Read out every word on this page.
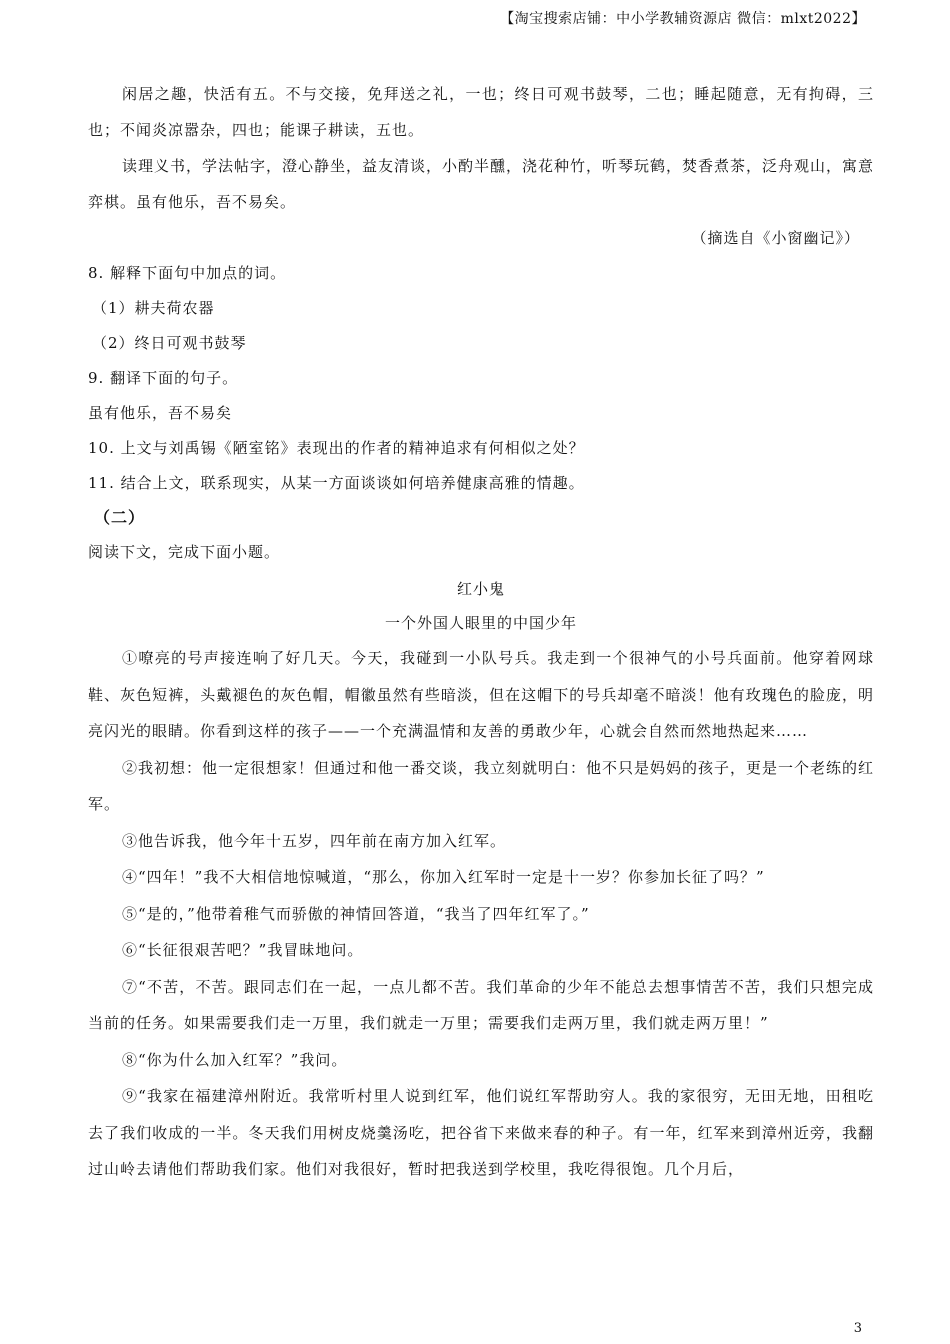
【淘宝搜索店铺：中小学教辅资源店 微信：mlxt2022】

闲居之趣，快活有五。不与交接，免拜送之礼，一也；终日可观书鼓琴，二也；睡起随意，无有拘碍，三也；不闻炎凉嚣杂，四也；能课子耕读，五也。

读理义书，学法帖字，澄心静坐，益友清谈，小酌半醺，浇花种竹，听琴玩鹤，焚香煮茶，泛舟观山，寓意弈棋。虽有他乐，吾不易矣。

（摘选自《小窗幽记》）

8. 解释下面句中加点的词。

（1）耕夫荷农器

（2）终日可观书鼓琴

9. 翻译下面的句子。

虽有他乐，吾不易矣

10. 上文与刘禹锡《陋室铭》表现出的作者的精神追求有何相似之处？

11. 结合上文，联系现实，从某一方面谈谈如何培养健康高雅的情趣。

（二）

阅读下文，完成下面小题。

红小鬼

一个外国人眼里的中国少年

①嘹亮的号声接连响了好几天。今天，我碰到一小队号兵。我走到一个很神气的小号兵面前。他穿着网球鞋、灰色短裤，头戴褪色的灰色帽，帽徽虽然有些暗淡，但在这帽下的号兵却毫不暗淡！他有玫瑰色的脸庞，明亮闪光的眼睛。你看到这样的孩子——一个充满温情和友善的勇敢少年，心就会自然而然地热起来……

②我初想：他一定很想家！但通过和他一番交谈，我立刻就明白：他不只是妈妈的孩子，更是一个老练的红军。

③他告诉我，他今年十五岁，四年前在南方加入红军。

④“四年！”我不大相信地惊喊道，“那么，你加入红军时一定是十一岁？你参加长征了吗？”

⑤“是的，”他带着稚气而骄傲的神情回答道，“我当了四年红军了。”

⑥“长征很艰苦吧？”我冒昧地问。

⑦“不苦，不苦。跟同志们在一起，一点儿都不苦。我们革命的少年不能总去想事情苦不苦，我们只想完成当前的任务。如果需要我们走一万里，我们就走一万里；需要我们走两万里，我们就走两万里！”

⑧“你为什么加入红军？”我问。

⑨“我家在福建漳州附近。我常听村里人说到红军，他们说红军帮助穷人。我的家很穷，无田无地，田租吃去了我们收成的一半。冬天我们用树皮烧羹汤吃，把谷省下来做来春的种子。有一年，红军来到漳州近旁，我翻过山岭去请他们帮助我们家。他们对我很好，暂时把我送到学校里，我吃得很饱。几个月后，

3
